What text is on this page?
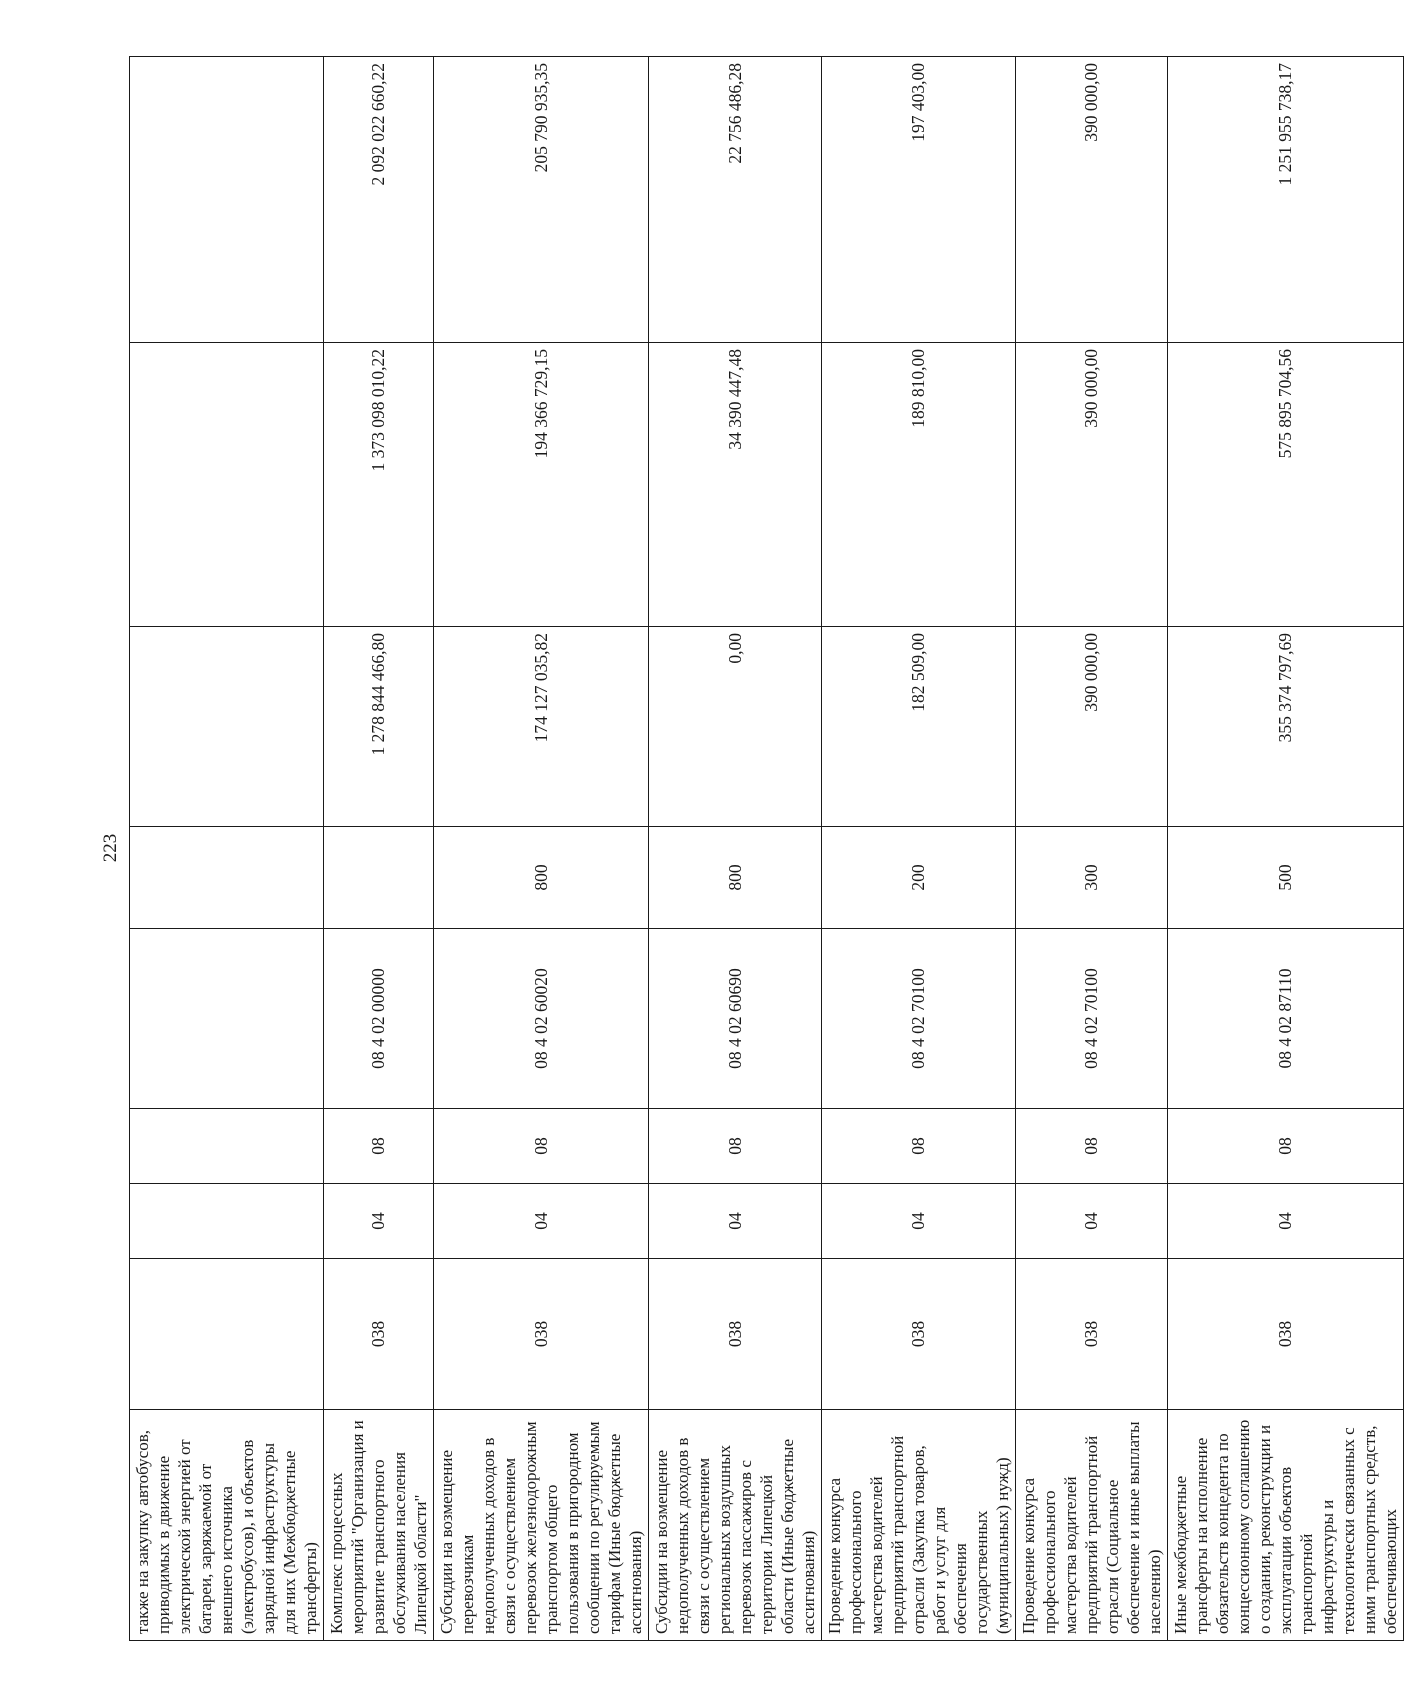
223
также на закупку автобусов, приводимых в движение электрической энергией от батареи, заряжаемой от внешнего источника (электробусов), и объектов зарядной инфраструктуры для них (Межбюджетные трансферты)								
Комплекс процессных мероприятий "Организация и развитие транспортного обслуживания населения Липецкой области"	038	04	08	08 4 02 00000		1 278 844 466,80	1 373 098 010,22	2 092 022 660,22
Субсидии на возмещение перевозчикам недополученных доходов в связи с осуществлением перевозок железнодорожным транспортом общего пользования в пригородном сообщении по регулируемым тарифам (Иные бюджетные ассигнования)	038	04	08	08 4 02 60020	800	174 127 035,82	194 366 729,15	205 790 935,35
Субсидии на возмещение недополученных доходов в связи с осуществлением региональных воздушных перевозок пассажиров с территории Липецкой области (Иные бюджетные ассигнования)	038	04	08	08 4 02 60690	800	0,00	34 390 447,48	22 756 486,28
Проведение конкурса профессионального мастерства водителей предприятий транспортной отрасли (Закупка товаров, работ и услуг для обеспечения государственных (муниципальных) нужд)	038	04	08	08 4 02 70100	200	182 509,00	189 810,00	197 403,00
Проведение конкурса профессионального мастерства водителей предприятий транспортной отрасли (Социальное обеспечение и иные выплаты населению)	038	04	08	08 4 02 70100	300	390 000,00	390 000,00	390 000,00
Иные межбюджетные трансферты на исполнение обязательств концедента по концессионному соглашению о создании, реконструкции и эксплуатации объектов транспортной инфраструктуры и технологически связанных с ними транспортных средств, обеспечивающих	038	04	08	08 4 02 87110	500	355 374 797,69	575 895 704,56	1 251 955 738,17
